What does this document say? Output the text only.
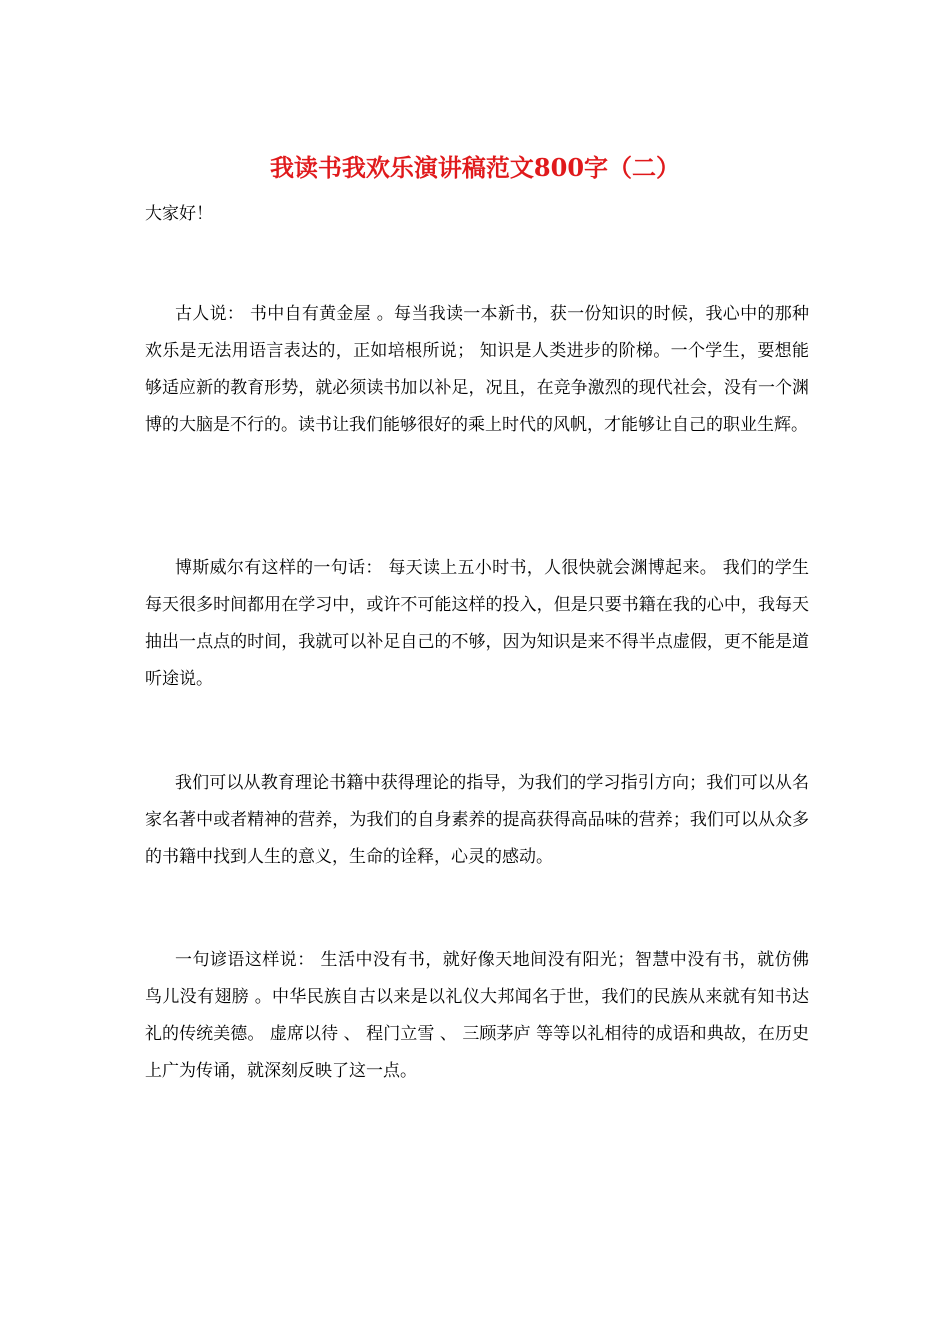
我读书我欢乐演讲稿范文800字（二）

大家好！

古人说： 书中自有黄金屋 。每当我读一本新书，获一份知识的时候，我心中的那种欢乐是无法用语言表达的，正如培根所说； 知识是人类进步的阶梯。一个学生，要想能够适应新的教育形势，就必须读书加以补足，况且，在竞争激烈的现代社会，没有一个渊博的大脑是不行的。读书让我们能够很好的乘上时代的风帆，才能够让自己的职业生辉。

博斯威尔有这样的一句话： 每天读上五小时书，人很快就会渊博起来。 我们的学生每天很多时间都用在学习中，或许不可能这样的投入，但是只要书籍在我的心中，我每天抽出一点点的时间，我就可以补足自己的不够，因为知识是来不得半点虚假，更不能是道听途说。

我们可以从教育理论书籍中获得理论的指导，为我们的学习指引方向；我们可以从名家名著中或者精神的营养，为我们的自身素养的提高获得高品味的营养；我们可以从众多的书籍中找到人生的意义，生命的诠释，心灵的感动。

一句谚语这样说： 生活中没有书，就好像天地间没有阳光；智慧中没有书，就仿佛鸟儿没有翅膀 。中华民族自古以来是以礼仪大邦闻名于世，我们的民族从来就有知书达礼的传统美德。 虚席以待 、 程门立雪 、 三顾茅庐 等等以礼相待的成语和典故，在历史上广为传诵，就深刻反映了这一点。
